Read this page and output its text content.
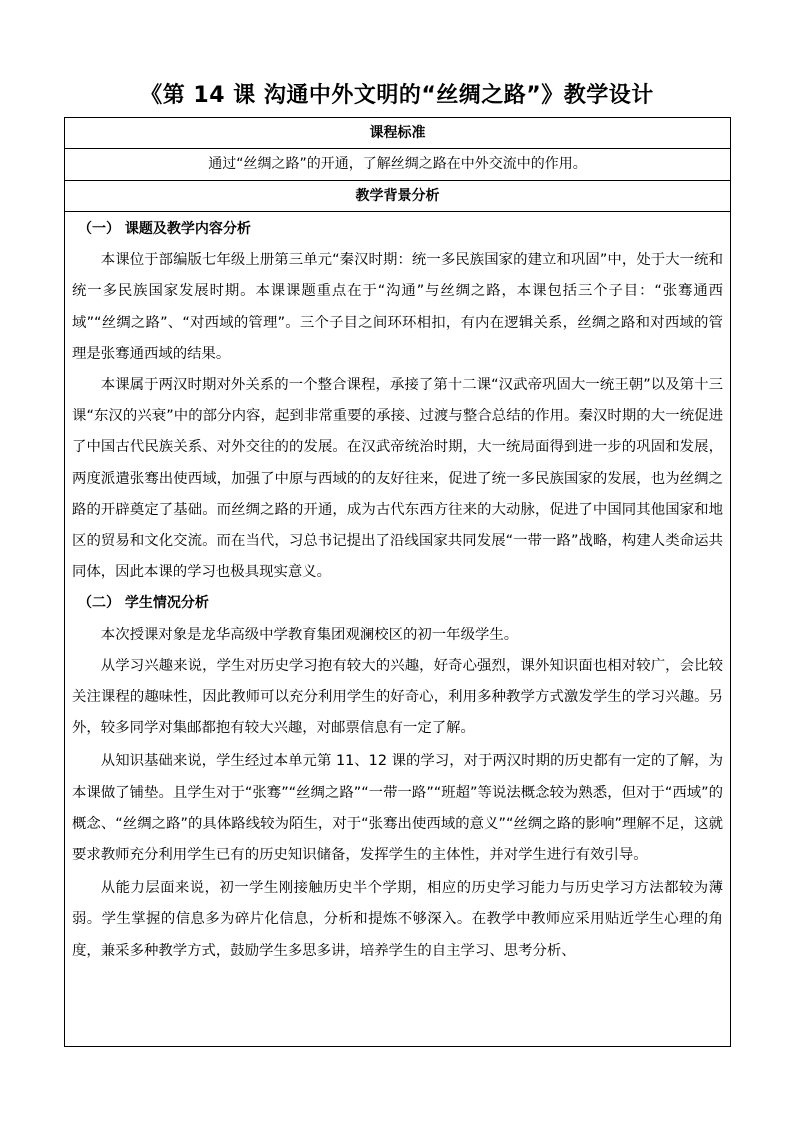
《第 14 课 沟通中外文明的“丝绸之路”》教学设计
课程标准
通过“丝绸之路”的开通，了解丝绸之路在中外交流中的作用。
教学背景分析

（一） 课题及教学内容分析

本课位于部编版七年级上册第三单元“秦汉时期：统一多民族国家的建立和巩固”中，处于大一统和统一多民族国家发展时期。本课课题重点在于“沟通”与丝绸之路，本课包括三个子目：“张骞通西域”“丝绸之路”、“对西域的管理”。三个子目之间环环相扣，有内在逻辑关系，丝绸之路和对西域的管理是张骞通西域的结果。

本课属于两汉时期对外关系的一个整合课程，承接了第十二课“汉武帝巩固大一统王朝”以及第十三课“东汉的兴衰”中的部分内容，起到非常重要的承接、过渡与整合总结的作用。秦汉时期的大一统促进了中国古代民族关系、对外交往的的发展。在汉武帝统治时期，大一统局面得到进一步的巩固和发展，两度派遣张骞出使西域，加强了中原与西域的的友好往来，促进了统一多民族国家的发展，也为丝绸之路的开辟奠定了基础。而丝绸之路的开通，成为古代东西方往来的大动脉，促进了中国同其他国家和地区的贸易和文化交流。而在当代，习总书记提出了沿线国家共同发展“一带一路”战略，构建人类命运共同体，因此本课的学习也极具现实意义。

（二） 学生情况分析

本次授课对象是龙华高级中学教育集团观澜校区的初一年级学生。

从学习兴趣来说，学生对历史学习抱有较大的兴趣，好奇心强烈，课外知识面也相对较广，会比较关注课程的趣味性，因此教师可以充分利用学生的好奇心，利用多种教学方式激发学生的学习兴趣。另外，较多同学对集邮都抱有较大兴趣，对邮票信息有一定了解。

从知识基础来说，学生经过本单元第 11、12 课的学习，对于两汉时期的历史都有一定的了解，为本课做了铺垫。且学生对于“张骞”“丝绸之路”“一带一路”“班超”等说法概念较为熟悉，但对于“西域”的概念、“丝绸之路”的具体路线较为陌生，对于“张骞出使西域的意义”“丝绸之路的影响”理解不足，这就要求教师充分利用学生已有的历史知识储备，发挥学生的主体性，并对学生进行有效引导。

从能力层面来说，初一学生刚接触历史半个学期，相应的历史学习能力与历史学习方法都较为薄弱。学生掌握的信息多为碎片化信息，分析和提炼不够深入。在教学中教师应采用贴近学生心理的角度，兼采多种教学方式，鼓励学生多思多讲，培养学生的自主学习、思考分析、
